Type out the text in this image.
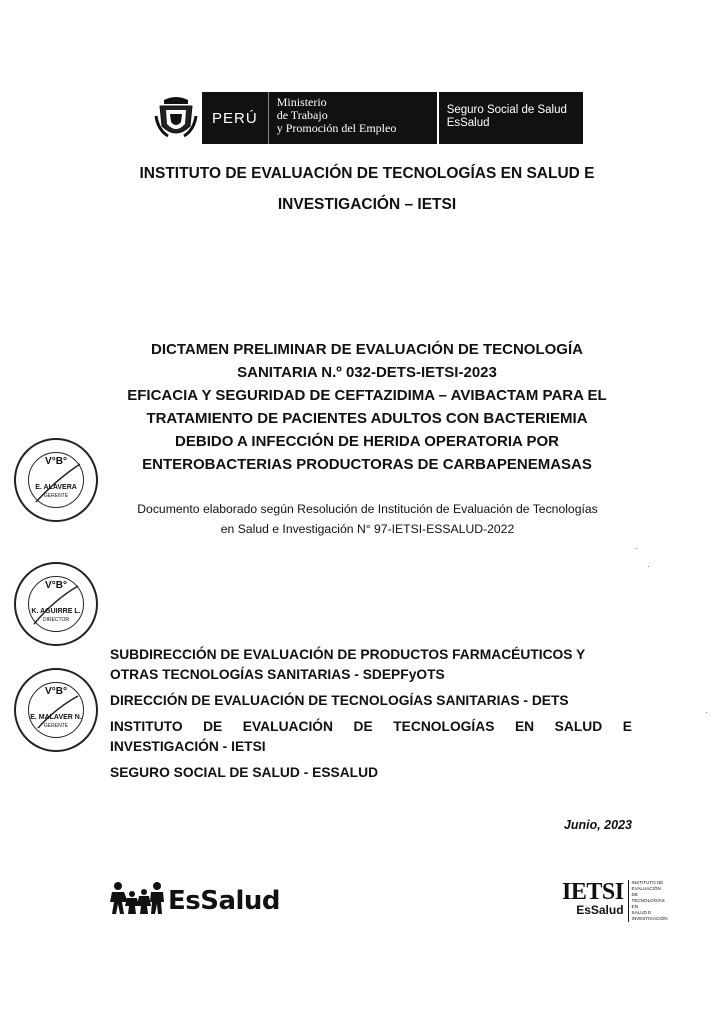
PERÚ
Ministerio
de Trabajo
y Promoción del Empleo
Seguro Social de Salud
EsSalud
INSTITUTO DE EVALUACIÓN DE TECNOLOGÍAS EN SALUD E
INVESTIGACIÓN – IETSI
DICTAMEN PRELIMINAR DE EVALUACIÓN DE TECNOLOGÍA
SANITARIA N.º 032-DETS-IETSI-2023
EFICACIA Y SEGURIDAD DE CEFTAZIDIMA – AVIBACTAM PARA EL
TRATAMIENTO DE PACIENTES ADULTOS CON BACTERIEMIA
DEBIDO A INFECCIÓN DE HERIDA OPERATORIA POR
ENTEROBACTERIAS PRODUCTORAS DE CARBAPENEMASAS
Documento elaborado según Resolución de Institución de Evaluación de Tecnologías
en Salud e Investigación N° 97-IETSI-ESSALUD-2022
V°B°
E. ALAVERA
GERENTE
V°B°
K. AGUIRRE L.
DIRECTOR
V°B°
E. MALAVER N.
GERENTE
SUBDIRECCIÓN DE EVALUACIÓN DE PRODUCTOS FARMACÉUTICOS Y
OTRAS TECNOLOGÍAS SANITARIAS - SDEPFyOTS
DIRECCIÓN DE EVALUACIÓN DE TECNOLOGÍAS SANITARIAS - DETS
INSTITUTO DE EVALUACIÓN DE TECNOLOGÍAS EN SALUD E
INVESTIGACIÓN - IETSI
SEGURO SOCIAL DE SALUD - ESSALUD
Junio, 2023
EsSalud	IETSI
EsSalud
INSTITUTO DE
EVALUACIÓN DE
TECNOLOGÍAS EN
SALUD E
INVESTIGACIÓN
